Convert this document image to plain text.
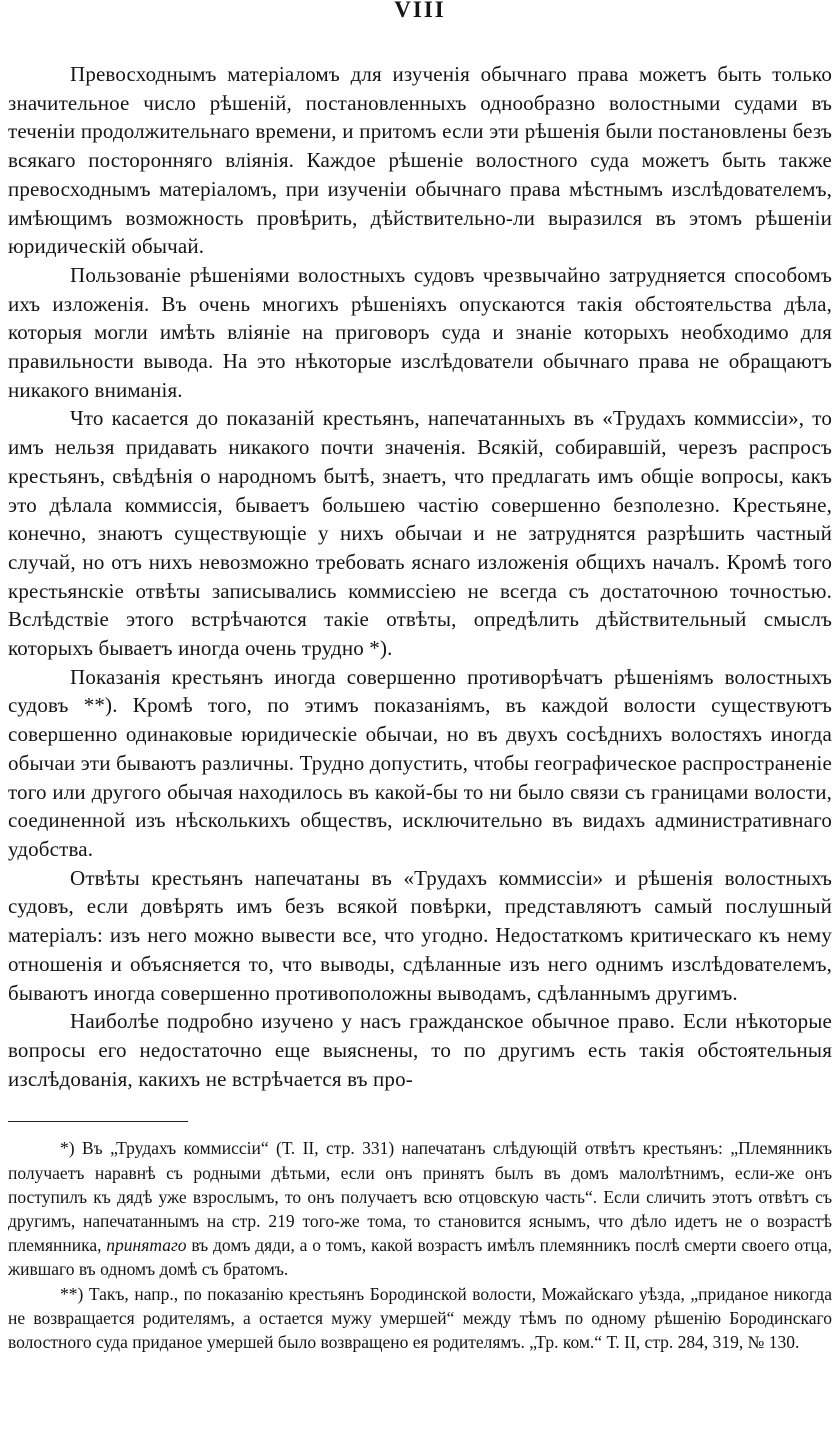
VIII

Превосходнымъ матеріаломъ для изученія обычнаго права можетъ быть только значительное число рѣшеній, постановленныхъ однообразно волостными судами въ теченіи продолжительнаго времени, и притомъ если эти рѣшенія были постановлены безъ всякаго посторонняго вліянія. Каждое рѣшеніе волостного суда можетъ быть также превосходнымъ матеріаломъ, при изученіи обычнаго права мѣстнымъ изслѣдователемъ, имѣющимъ возможность провѣрить, дѣйствительно-ли выразился въ этомъ рѣшеніи юридическій обычай.

Пользованіе рѣшеніями волостныхъ судовъ чрезвычайно затрудняется способомъ ихъ изложенія. Въ очень многихъ рѣшеніяхъ опускаются такія обстоятельства дѣла, которыя могли имѣть вліяніе на приговоръ суда и знаніе которыхъ необходимо для правильности вывода. На это нѣкоторые изслѣдователи обычнаго права не обращаютъ никакого вниманія.

Что касается до показаній крестьянъ, напечатанныхъ въ «Трудахъ коммиссіи», то имъ нельзя придавать никакого почти значенія. Всякій, собиравшій, черезъ распросъ крестьянъ, свѣдѣнія о народномъ бытѣ, знаетъ, что предлагать имъ общіе вопросы, какъ это дѣлала коммиссія, бываетъ большею частію совершенно безполезно. Крестьяне, конечно, знаютъ существующіе у нихъ обычаи и не затруднятся разрѣшить частный случай, но отъ нихъ невозможно требовать яснаго изложенія общихъ началъ. Кромѣ того крестьянскіе отвѣты записывались коммиссіею не всегда съ достаточною точностью. Вслѣдствіе этого встрѣчаются такіе отвѣты, опредѣлить дѣйствительный смыслъ которыхъ бываетъ иногда очень трудно *).

Показанія крестьянъ иногда совершенно противорѣчатъ рѣшеніямъ волостныхъ судовъ **). Кромѣ того, по этимъ показаніямъ, въ каждой волости существуютъ совершенно одинаковые юридическіе обычаи, но въ двухъ сосѣднихъ волостяхъ иногда обычаи эти бываютъ различны. Трудно допустить, чтобы географическое распространеніе того или другого обычая находилось въ какой-бы то ни было связи съ границами волости, соединенной изъ нѣсколькихъ обществъ, исключительно въ видахъ административнаго удобства.

Отвѣты крестьянъ напечатаны въ «Трудахъ коммиссіи» и рѣшенія волостныхъ судовъ, если довѣрять имъ безъ всякой повѣрки, представляютъ самый послушный матеріалъ: изъ него можно вывести все, что угодно. Недостаткомъ критическаго къ нему отношенія и объясняется то, что выводы, сдѣланные изъ него однимъ изслѣдователемъ, бываютъ иногда совершенно противоположны выводамъ, сдѣланнымъ другимъ.

Наиболѣе подробно изучено у насъ гражданское обычное право. Если нѣкоторые вопросы его недостаточно еще выяснены, то по другимъ есть такія обстоятельныя изслѣдованія, какихъ не встрѣчается въ про-

*) Въ „Трудахъ коммиссіи“ (Т. II, стр. 331) напечатанъ слѣдующій отвѣтъ крестьянъ: „Племянникъ получаетъ наравнѣ съ родными дѣтьми, если онъ принятъ былъ въ домъ малолѣтнимъ, если-же онъ поступилъ къ дядѣ уже взрослымъ, то онъ получаетъ всю отцовскую часть“. Если сличить этотъ отвѣтъ съ другимъ, напечатаннымъ на стр. 219 того-же тома, то становится яснымъ, что дѣло идетъ не о возрастѣ племянника, принятаго въ домъ дяди, а о томъ, какой возрастъ имѣлъ племянникъ послѣ смерти своего отца, жившаго въ одномъ домѣ съ братомъ.

**) Такъ, напр., по показанію крестьянъ Бородинской волости, Можайскаго уѣзда, „приданое никогда не возвращается родителямъ, а остается мужу умершей“ между тѣмъ по одному рѣшенію Бородинскаго волостного суда приданое умершей было возвращено ея родителямъ. „Тр. ком.“ Т. II, стр. 284, 319, № 130.
